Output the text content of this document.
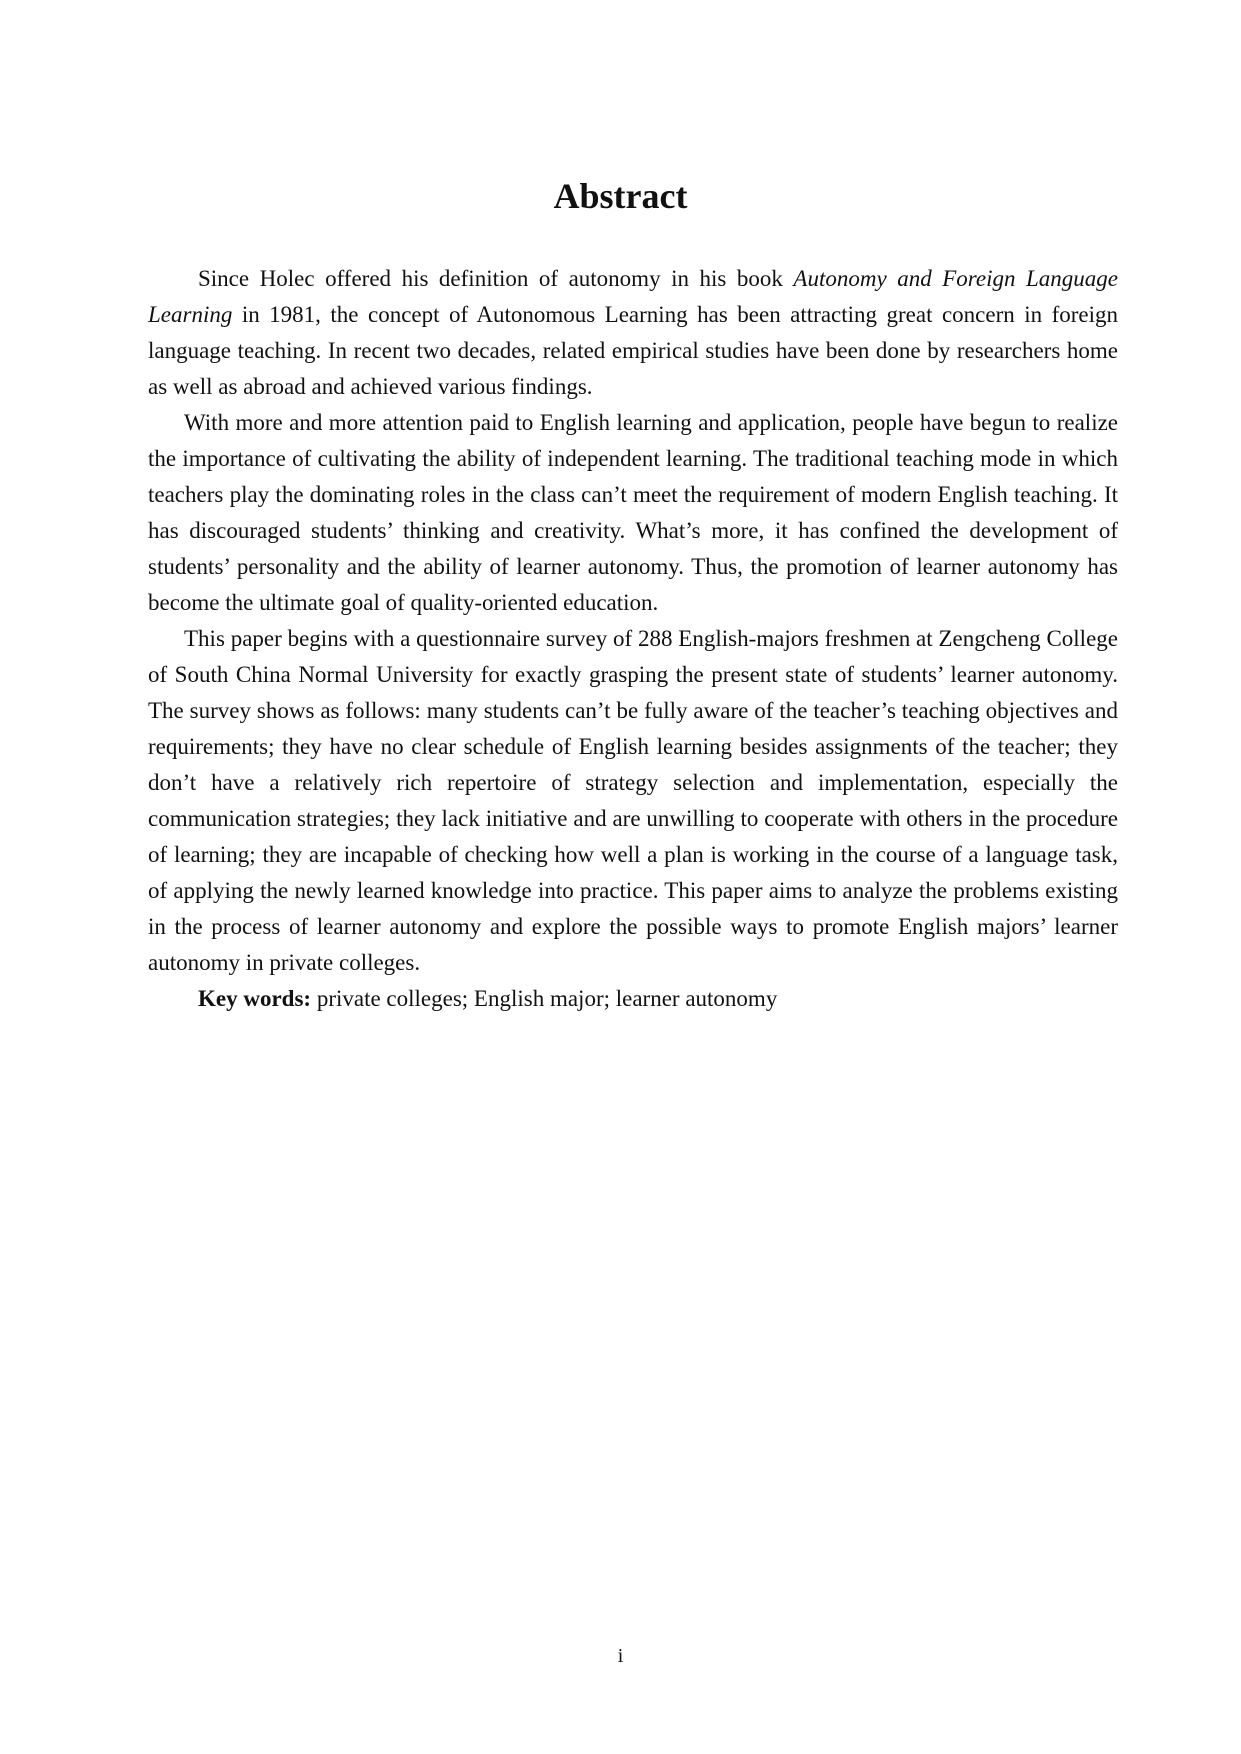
Abstract

Since Holec offered his definition of autonomy in his book Autonomy and Foreign Language Learning in 1981, the concept of Autonomous Learning has been attracting great concern in foreign language teaching. In recent two decades, related empirical studies have been done by researchers home as well as abroad and achieved various findings.

With more and more attention paid to English learning and application, people have begun to realize the importance of cultivating the ability of independent learning. The traditional teaching mode in which teachers play the dominating roles in the class can’t meet the requirement of modern English teaching. It has discouraged students’ thinking and creativity. What’s more, it has confined the development of students’ personality and the ability of learner autonomy. Thus, the promotion of learner autonomy has become the ultimate goal of quality-oriented education.

This paper begins with a questionnaire survey of 288 English-majors freshmen at Zengcheng College of South China Normal University for exactly grasping the present state of students’ learner autonomy. The survey shows as follows: many students can’t be fully aware of the teacher’s teaching objectives and requirements; they have no clear schedule of English learning besides assignments of the teacher; they don’t have a relatively rich repertoire of strategy selection and implementation, especially the communication strategies; they lack initiative and are unwilling to cooperate with others in the procedure of learning; they are incapable of checking how well a plan is working in the course of a language task, of applying the newly learned knowledge into practice. This paper aims to analyze the problems existing in the process of learner autonomy and explore the possible ways to promote English majors’ learner autonomy in private colleges.

Key words: private colleges; English major; learner autonomy

i
